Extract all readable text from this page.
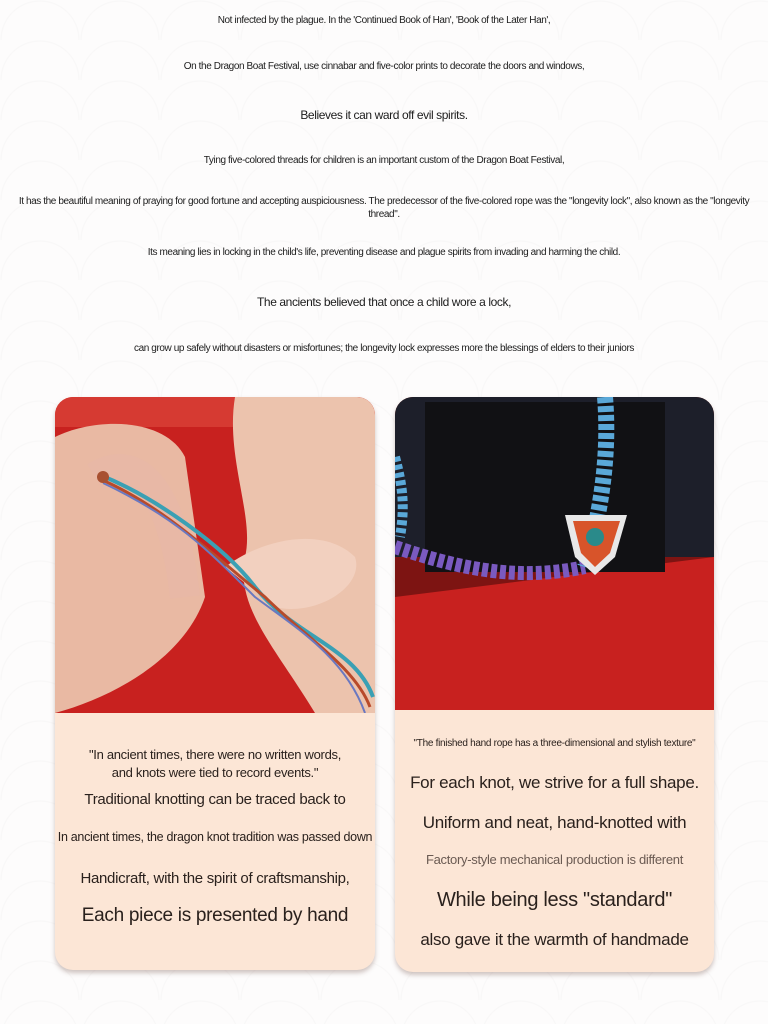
Not infected by the plague. In the 'Continued Book of Han', 'Book of the Later Han',
On the Dragon Boat Festival, use cinnabar and five-color prints to decorate the doors and windows,
Believes it can ward off evil spirits.
Tying five-colored threads for children is an important custom of the Dragon Boat Festival,
It has the beautiful meaning of praying for good fortune and accepting auspiciousness. The predecessor of the five-colored rope was the "longevity lock", also known as the "longevity thread".
Its meaning lies in locking in the child's life, preventing disease and plague spirits from invading and harming the child.
The ancients believed that once a child wore a lock,
can grow up safely without disasters or misfortunes; the longevity lock expresses more the blessings of elders to their juniors
"In ancient times, there were no written words, and knots were tied to record events."
Traditional knotting can be traced back to
In ancient times, the dragon knot tradition was passed down
Handicraft, with the spirit of craftsmanship,
Each piece is presented by hand
"The finished hand rope has a three-dimensional and stylish texture"
For each knot, we strive for a full shape.
Uniform and neat, hand-knotted with
Factory-style mechanical production is different
While being less "standard"
also gave it the warmth of handmade
